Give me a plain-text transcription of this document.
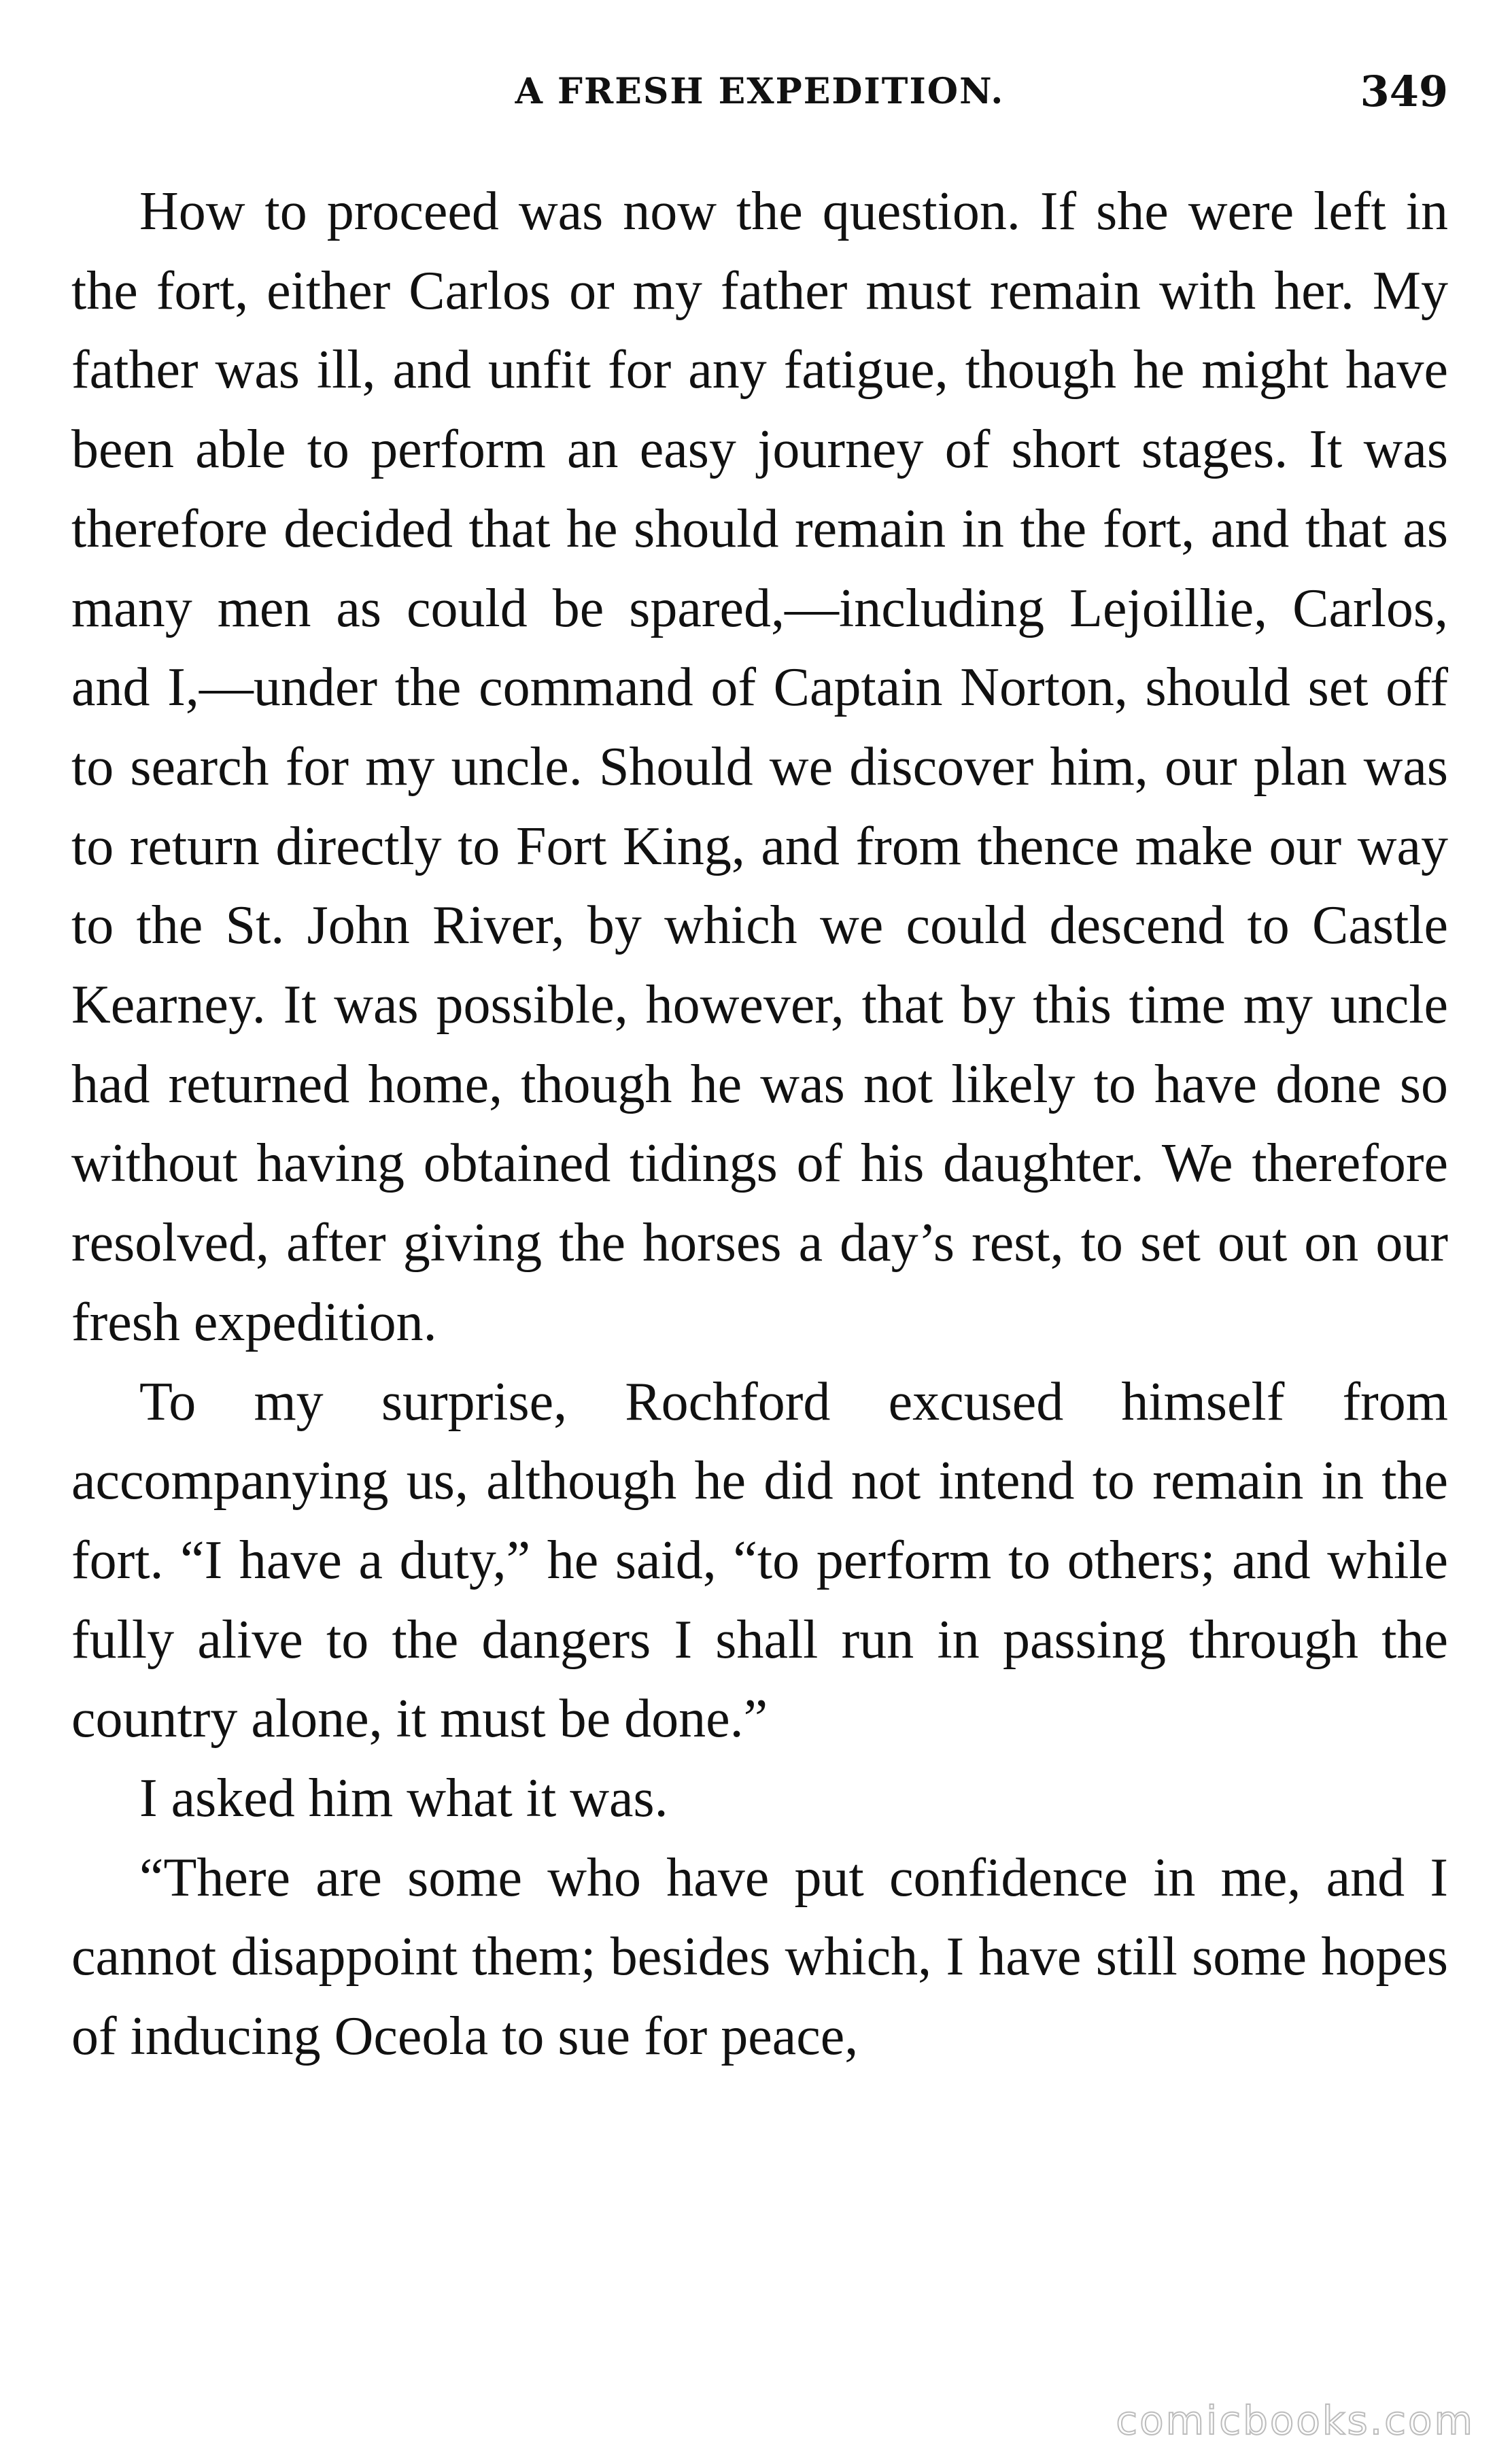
A FRESH EXPEDITION.	349

How to proceed was now the question. If she were left in the fort, either Carlos or my father must remain with her. My father was ill, and unfit for any fatigue, though he might have been able to perform an easy journey of short stages. It was therefore decided that he should remain in the fort, and that as many men as could be spared,—including Lejoillie, Carlos, and I,—under the command of Captain Norton, should set off to search for my uncle. Should we discover him, our plan was to return directly to Fort King, and from thence make our way to the St. John River, by which we could descend to Castle Kearney. It was possible, however, that by this time my uncle had returned home, though he was not likely to have done so without having obtained tidings of his daughter. We therefore resolved, after giving the horses a day’s rest, to set out on our fresh expedition.

To my surprise, Rochford excused himself from accompanying us, although he did not intend to remain in the fort. “I have a duty,” he said, “to perform to others; and while fully alive to the dangers I shall run in passing through the country alone, it must be done.”

I asked him what it was.

“There are some who have put confidence in me, and I cannot disappoint them; besides which, I have still some hopes of inducing Oceola to sue for peace,

comicbooks.com
